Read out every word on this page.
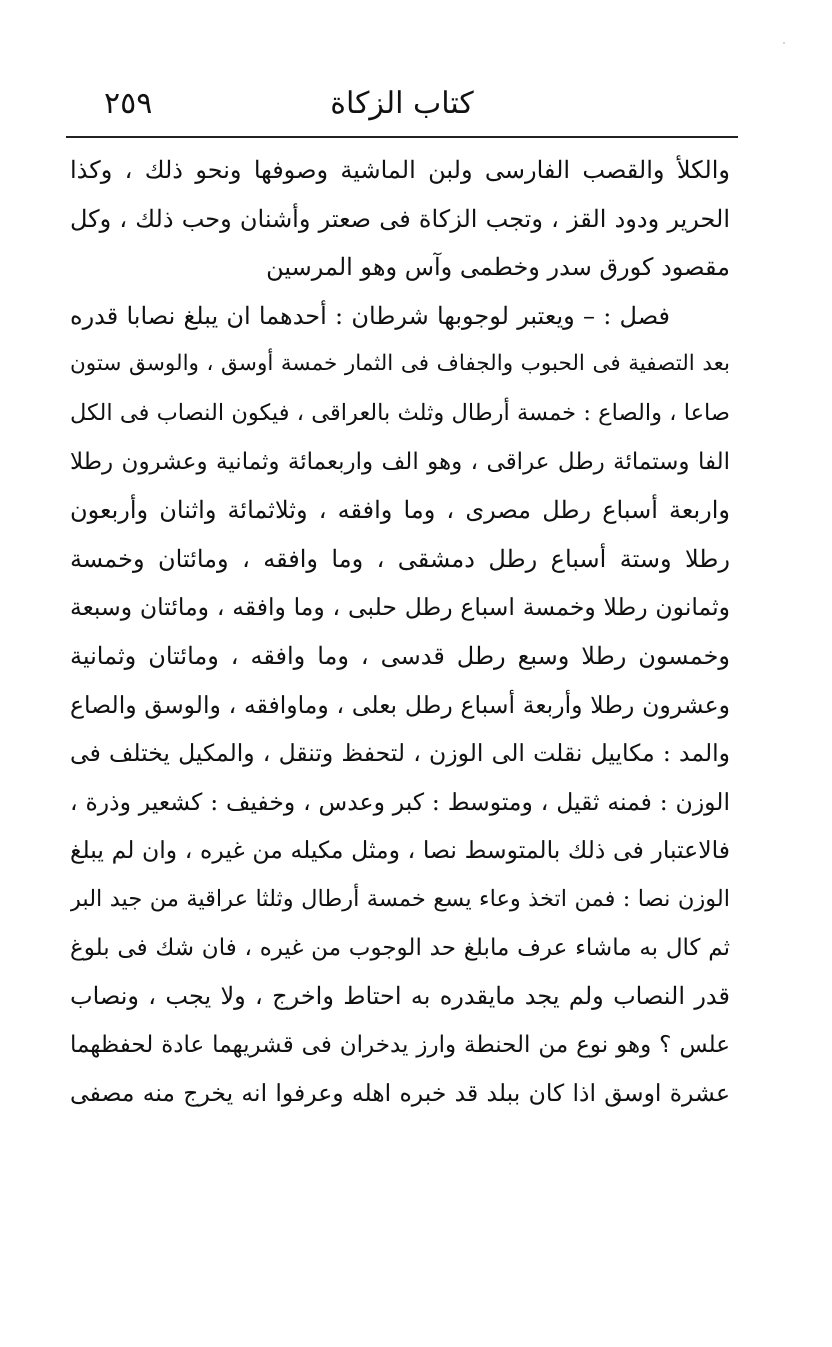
٢٥٩	كتاب الزكاة
والكلأ والقصب الفارسى ولبن الماشية وصوفها ونحو ذلك ، وكذا
الحرير ودود القز ، وتجب الزكاة فى صعتر وأشنان وحب ذلك ، وكل
مقصود كورق سدر وخطمى وآس وهو المرسين
فصل : – ويعتبر لوجوبها شرطان : أحدهما ان يبلغ نصابا قدره
بعد التصفية فى الحبوب والجفاف فى الثمار خمسة أوسق ، والوسق ستون
صاعا ، والصاع : خمسة أرطال وثلث بالعراقى ، فيكون النصاب فى الكل
الفا وستمائة رطل عراقى ، وهو الف واربعمائة وثمانية وعشرون رطلا
واربعة أسباع رطل مصرى ، وما وافقه ، وثلاثمائة واثنان وأربعون
رطلا وستة أسباع رطل دمشقى ، وما وافقه ، ومائتان وخمسة
وثمانون رطلا وخمسة اسباع رطل حلبى ، وما وافقه ، ومائتان وسبعة
وخمسون رطلا وسبع رطل قدسى ، وما وافقه ، ومائتان وثمانية
وعشرون رطلا وأربعة أسباع رطل بعلى ، وماوافقه ، والوسق والصاع
والمد : مكاييل نقلت الى الوزن ، لتحفظ وتنقل ، والمكيل يختلف فى
الوزن : فمنه ثقيل ، ومتوسط : كبر وعدس ، وخفيف : كشعير وذرة ،
فالاعتبار فى ذلك بالمتوسط نصا ، ومثل مكيله من غيره ، وان لم يبلغ
الوزن نصا : فمن اتخذ وعاء يسع خمسة أرطال وثلثا عراقية من جيد البر
ثم كال به ماشاء عرف مابلغ حد الوجوب من غيره ، فان شك فى بلوغ
قدر النصاب ولم يجد مايقدره به احتاط واخرج ، ولا يجب ، ونصاب
علس ؟ وهو نوع من الحنطة وارز يدخران فى قشريهما عادة لحفظهما
عشرة اوسق اذا كان ببلد قد خبره اهله وعرفوا انه يخرج منه مصفى
